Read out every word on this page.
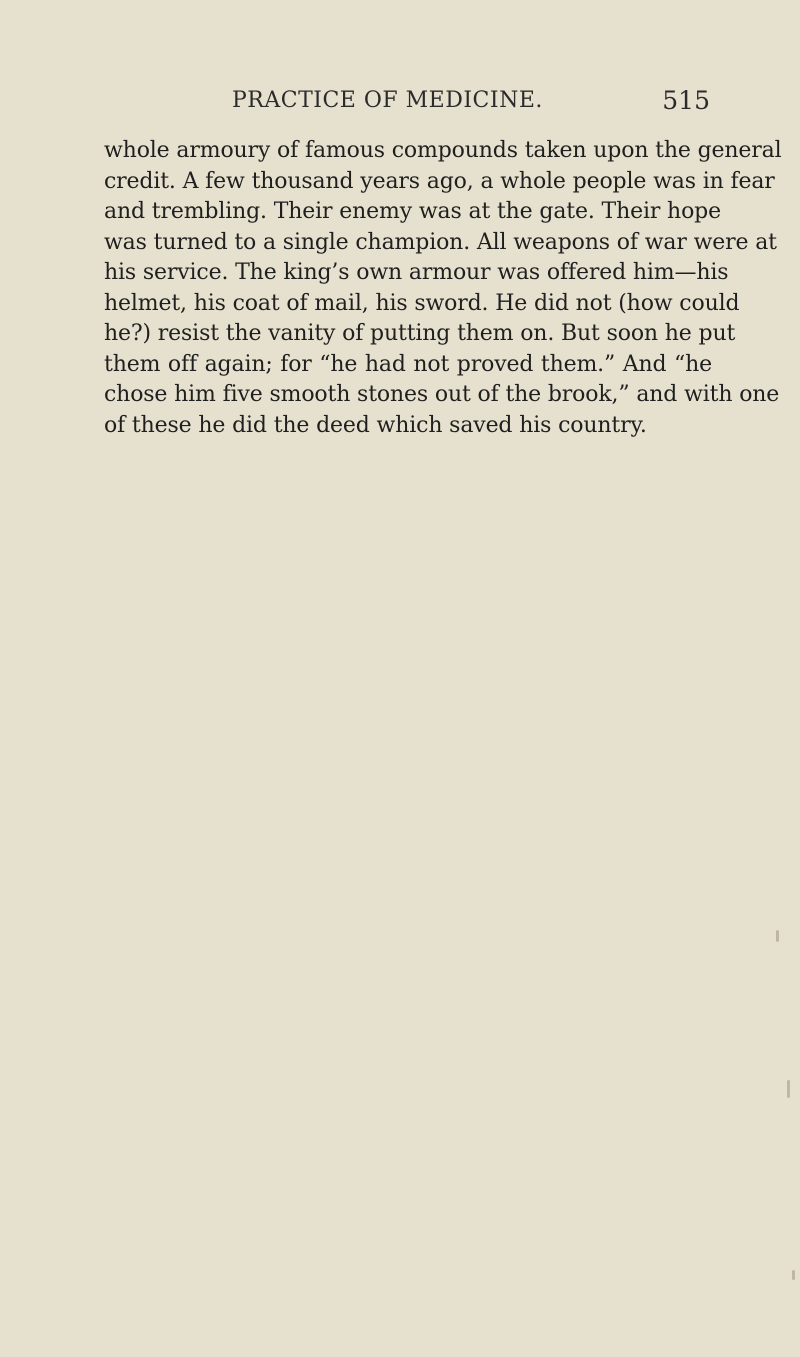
PRACTICE OF MEDICINE.	515
whole armoury of famous compounds taken upon the general
credit. A few thousand years ago, a whole people was in fear
and trembling. Their enemy was at the gate. Their hope
was turned to a single champion. All weapons of war were at
his service. The king’s own armour was offered him—his
helmet, his coat of mail, his sword. He did not (how could
he?) resist the vanity of putting them on. But soon he put
them off again; for “he had not proved them.” And “he
chose him five smooth stones out of the brook,” and with one
of these he did the deed which saved his country.
